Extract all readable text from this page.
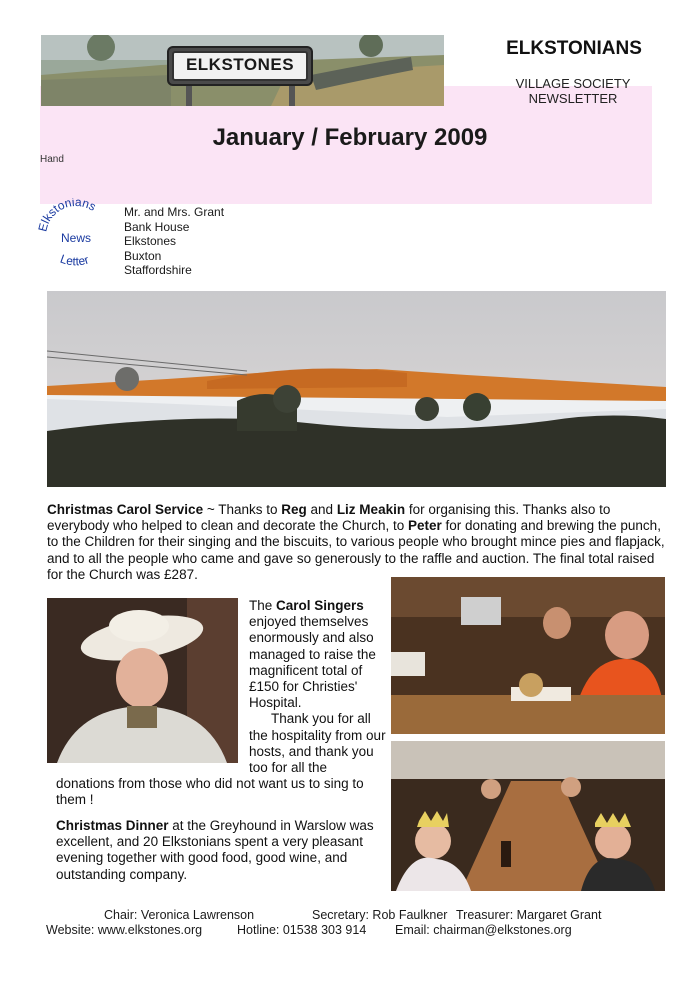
ELKSTONES
ELKSTONIANS
VILLAGE SOCIETY
NEWSLETTER
January / February 2009
Hand
lkstonians
News
Letter
Mr. and Mrs. Grant
Bank House
Elkstones
Buxton
Staffordshire
Christmas Carol Service ~ Thanks to Reg and Liz Meakin for organising this. Thanks also to everybody who helped to clean and decorate the Church, to Peter for donating and brewing the punch, to the Children for their singing and the biscuits, to various people who brought mince pies and flapjack, and to all the people who came and gave so generously to the raffle and auction. The final total raised for the Church was £287.
The Carol Singers enjoyed themselves enormously and also managed to raise the magnificent total of £150 for Christies' Hospital.
Thank you for all the hospitality from our hosts, and thank you too for all the
donations from those who did not want us to sing to them !
Christmas Dinner at the Greyhound in Warslow was excellent, and 20 Elkstonians spent a very pleasant evening together with good food, good wine, and outstanding company.
Chair: Veronica Lawrenson	Secretary: Rob Faulkner Treasurer: Margaret Grant
Website: www.elkstones.org	Hotline: 01538 303 914 Email: chairman@elkstones.org
